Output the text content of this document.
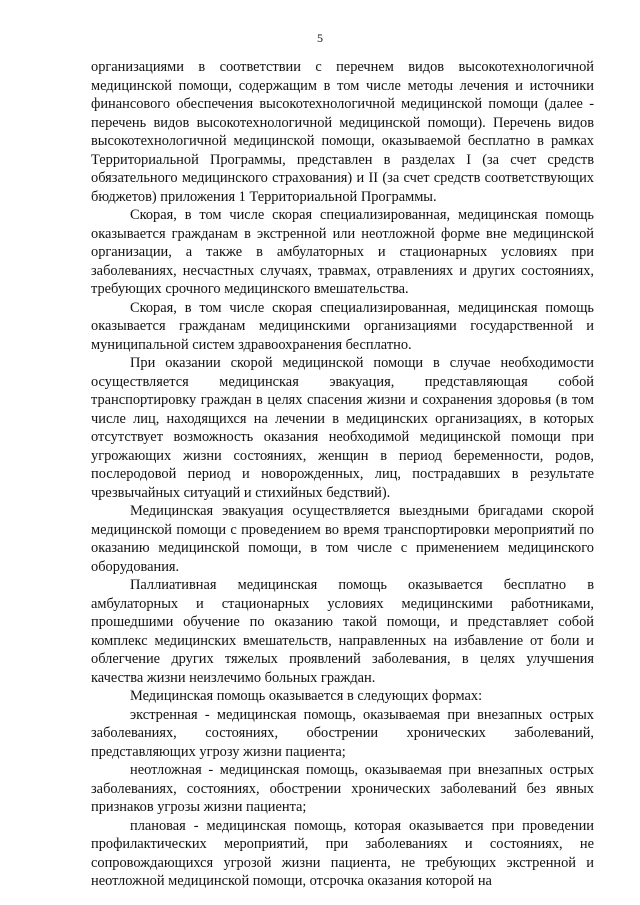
5

организациями в соответствии с перечнем видов высокотехнологичной медицинской помощи, содержащим в том числе методы лечения и источники финансового обеспечения высокотехнологичной медицинской помощи (далее - перечень видов высокотехнологичной медицинской помощи). Перечень видов высокотехнологичной медицинской помощи, оказываемой бесплатно в рамках Территориальной Программы, представлен в разделах I (за счет средств обязательного медицинского страхования) и II (за счет средств соответствующих бюджетов) приложения 1 Территориальной Программы.

Скорая, в том числе скорая специализированная, медицинская помощь оказывается гражданам в экстренной или неотложной форме вне медицинской организации, а также в амбулаторных и стационарных условиях при заболеваниях, несчастных случаях, травмах, отравлениях и других состояниях, требующих срочного медицинского вмешательства.

Скорая, в том числе скорая специализированная, медицинская помощь оказывается гражданам медицинскими организациями государственной и муниципальной систем здравоохранения бесплатно.

При оказании скорой медицинской помощи в случае необходимости осуществляется медицинская эвакуация, представляющая собой транспортировку граждан в целях спасения жизни и сохранения здоровья (в том числе лиц, находящихся на лечении в медицинских организациях, в которых отсутствует возможность оказания необходимой медицинской помощи при угрожающих жизни состояниях, женщин в период беременности, родов, послеродовой период и новорожденных, лиц, пострадавших в результате чрезвычайных ситуаций и стихийных бедствий).

Медицинская эвакуация осуществляется выездными бригадами скорой медицинской помощи с проведением во время транспортировки мероприятий по оказанию медицинской помощи, в том числе с применением медицинского оборудования.

Паллиативная медицинская помощь оказывается бесплатно в амбулаторных и стационарных условиях медицинскими работниками, прошедшими обучение по оказанию такой помощи, и представляет собой комплекс медицинских вмешательств, направленных на избавление от боли и облегчение других тяжелых проявлений заболевания, в целях улучшения качества жизни неизлечимо больных граждан.

Медицинская помощь оказывается в следующих формах:

экстренная - медицинская помощь, оказываемая при внезапных острых заболеваниях, состояниях, обострении хронических заболеваний, представляющих угрозу жизни пациента;

неотложная - медицинская помощь, оказываемая при внезапных острых заболеваниях, состояниях, обострении хронических заболеваний без явных признаков угрозы жизни пациента;

плановая - медицинская помощь, которая оказывается при проведении профилактических мероприятий, при заболеваниях и состояниях, не сопровождающихся угрозой жизни пациента, не требующих экстренной и неотложной медицинской помощи, отсрочка оказания которой на
